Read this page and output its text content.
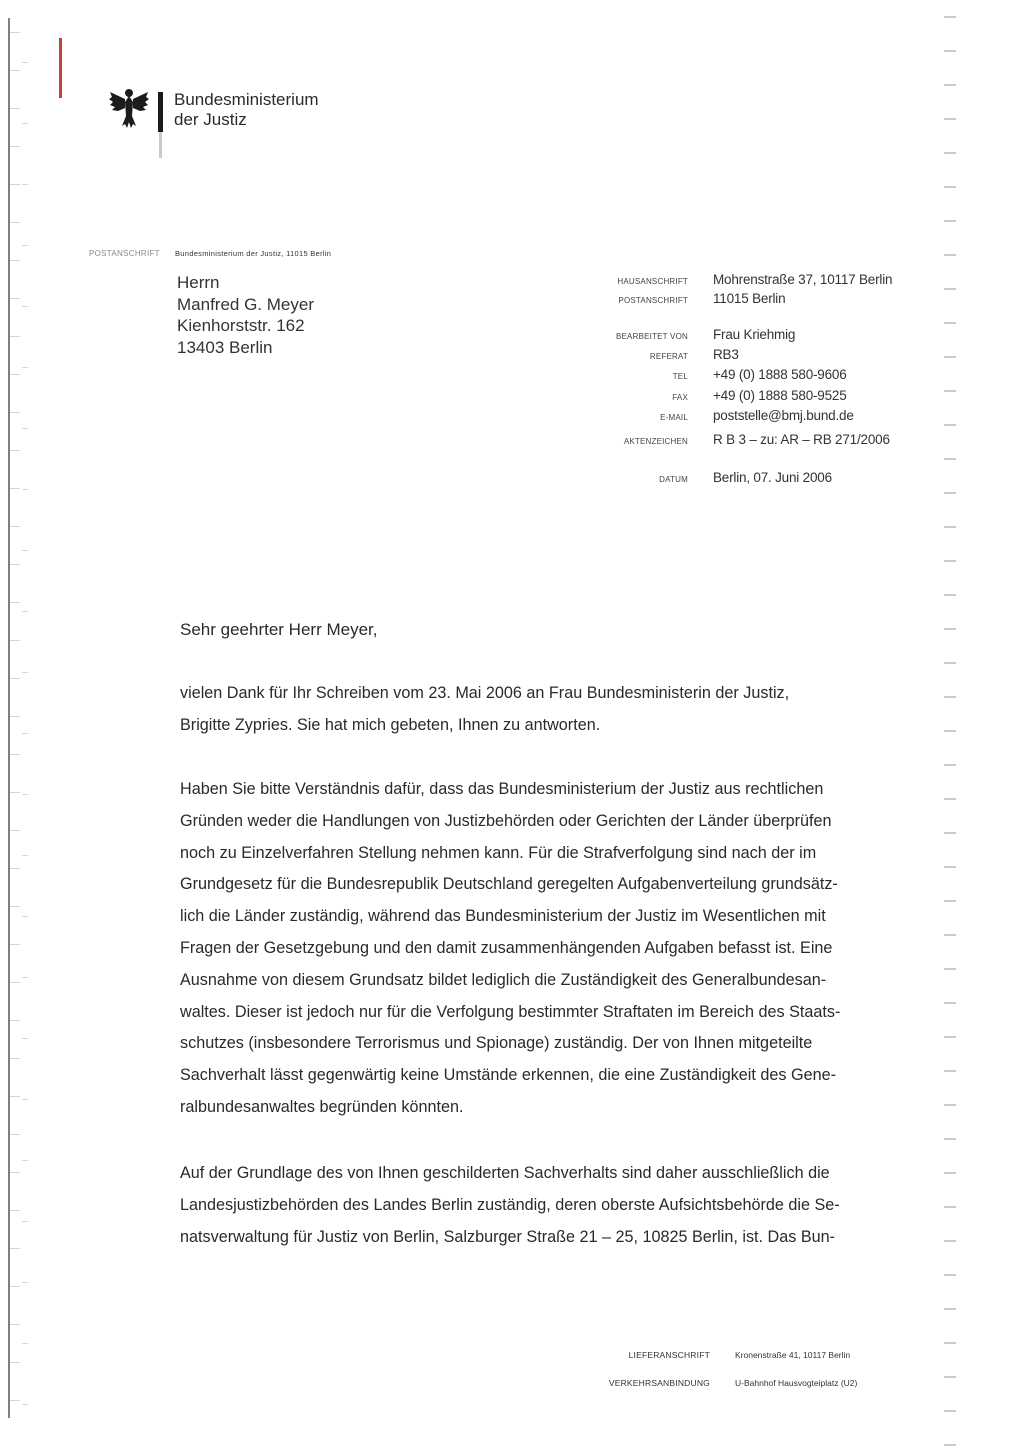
Bundesministerium
der Justiz
POSTANSCHRIFT Bundesministerium der Justiz, 11015 Berlin
Herrn
Manfred G. Meyer
Kienhorststr. 162
13403 Berlin
HAUSANSCHRIFT Mohrenstraße 37, 10117 Berlin
POSTANSCHRIFT 11015 Berlin
BEARBEITET VON Frau Kriehmig
REFERAT RB3
TEL +49 (0) 1888 580-9606
FAX +49 (0) 1888 580-9525
E-MAIL poststelle@bmj.bund.de
AKTENZEICHEN R B 3 – zu: AR – RB 271/2006
DATUM Berlin, 07. Juni 2006
Sehr geehrter Herr Meyer,
vielen Dank für Ihr Schreiben vom 23. Mai 2006 an Frau Bundesministerin der Justiz,
Brigitte Zypries. Sie hat mich gebeten, Ihnen zu antworten.
Haben Sie bitte Verständnis dafür, dass das Bundesministerium der Justiz aus rechtlichen
Gründen weder die Handlungen von Justizbehörden oder Gerichten der Länder überprüfen
noch zu Einzelverfahren Stellung nehmen kann. Für die Strafverfolgung sind nach der im
Grundgesetz für die Bundesrepublik Deutschland geregelten Aufgabenverteilung grundsätz-
lich die Länder zuständig, während das Bundesministerium der Justiz im Wesentlichen mit
Fragen der Gesetzgebung und den damit zusammenhängenden Aufgaben befasst ist. Eine
Ausnahme von diesem Grundsatz bildet lediglich die Zuständigkeit des Generalbundesan-
waltes. Dieser ist jedoch nur für die Verfolgung bestimmter Straftaten im Bereich des Staats-
schutzes (insbesondere Terrorismus und Spionage) zuständig. Der von Ihnen mitgeteilte
Sachverhalt lässt gegenwärtig keine Umstände erkennen, die eine Zuständigkeit des Gene-
ralbundesanwaltes begründen könnten.
Auf der Grundlage des von Ihnen geschilderten Sachverhalts sind daher ausschließlich die
Landesjustizbehörden des Landes Berlin zuständig, deren oberste Aufsichtsbehörde die Se-
natsverwaltung für Justiz von Berlin, Salzburger Straße 21 – 25, 10825 Berlin, ist. Das Bun-
LIEFERANSCHRIFT	Kronenstraße 41, 10117 Berlin
VERKEHRSANBINDUNG	U-Bahnhof Hausvogteiplatz (U2)
